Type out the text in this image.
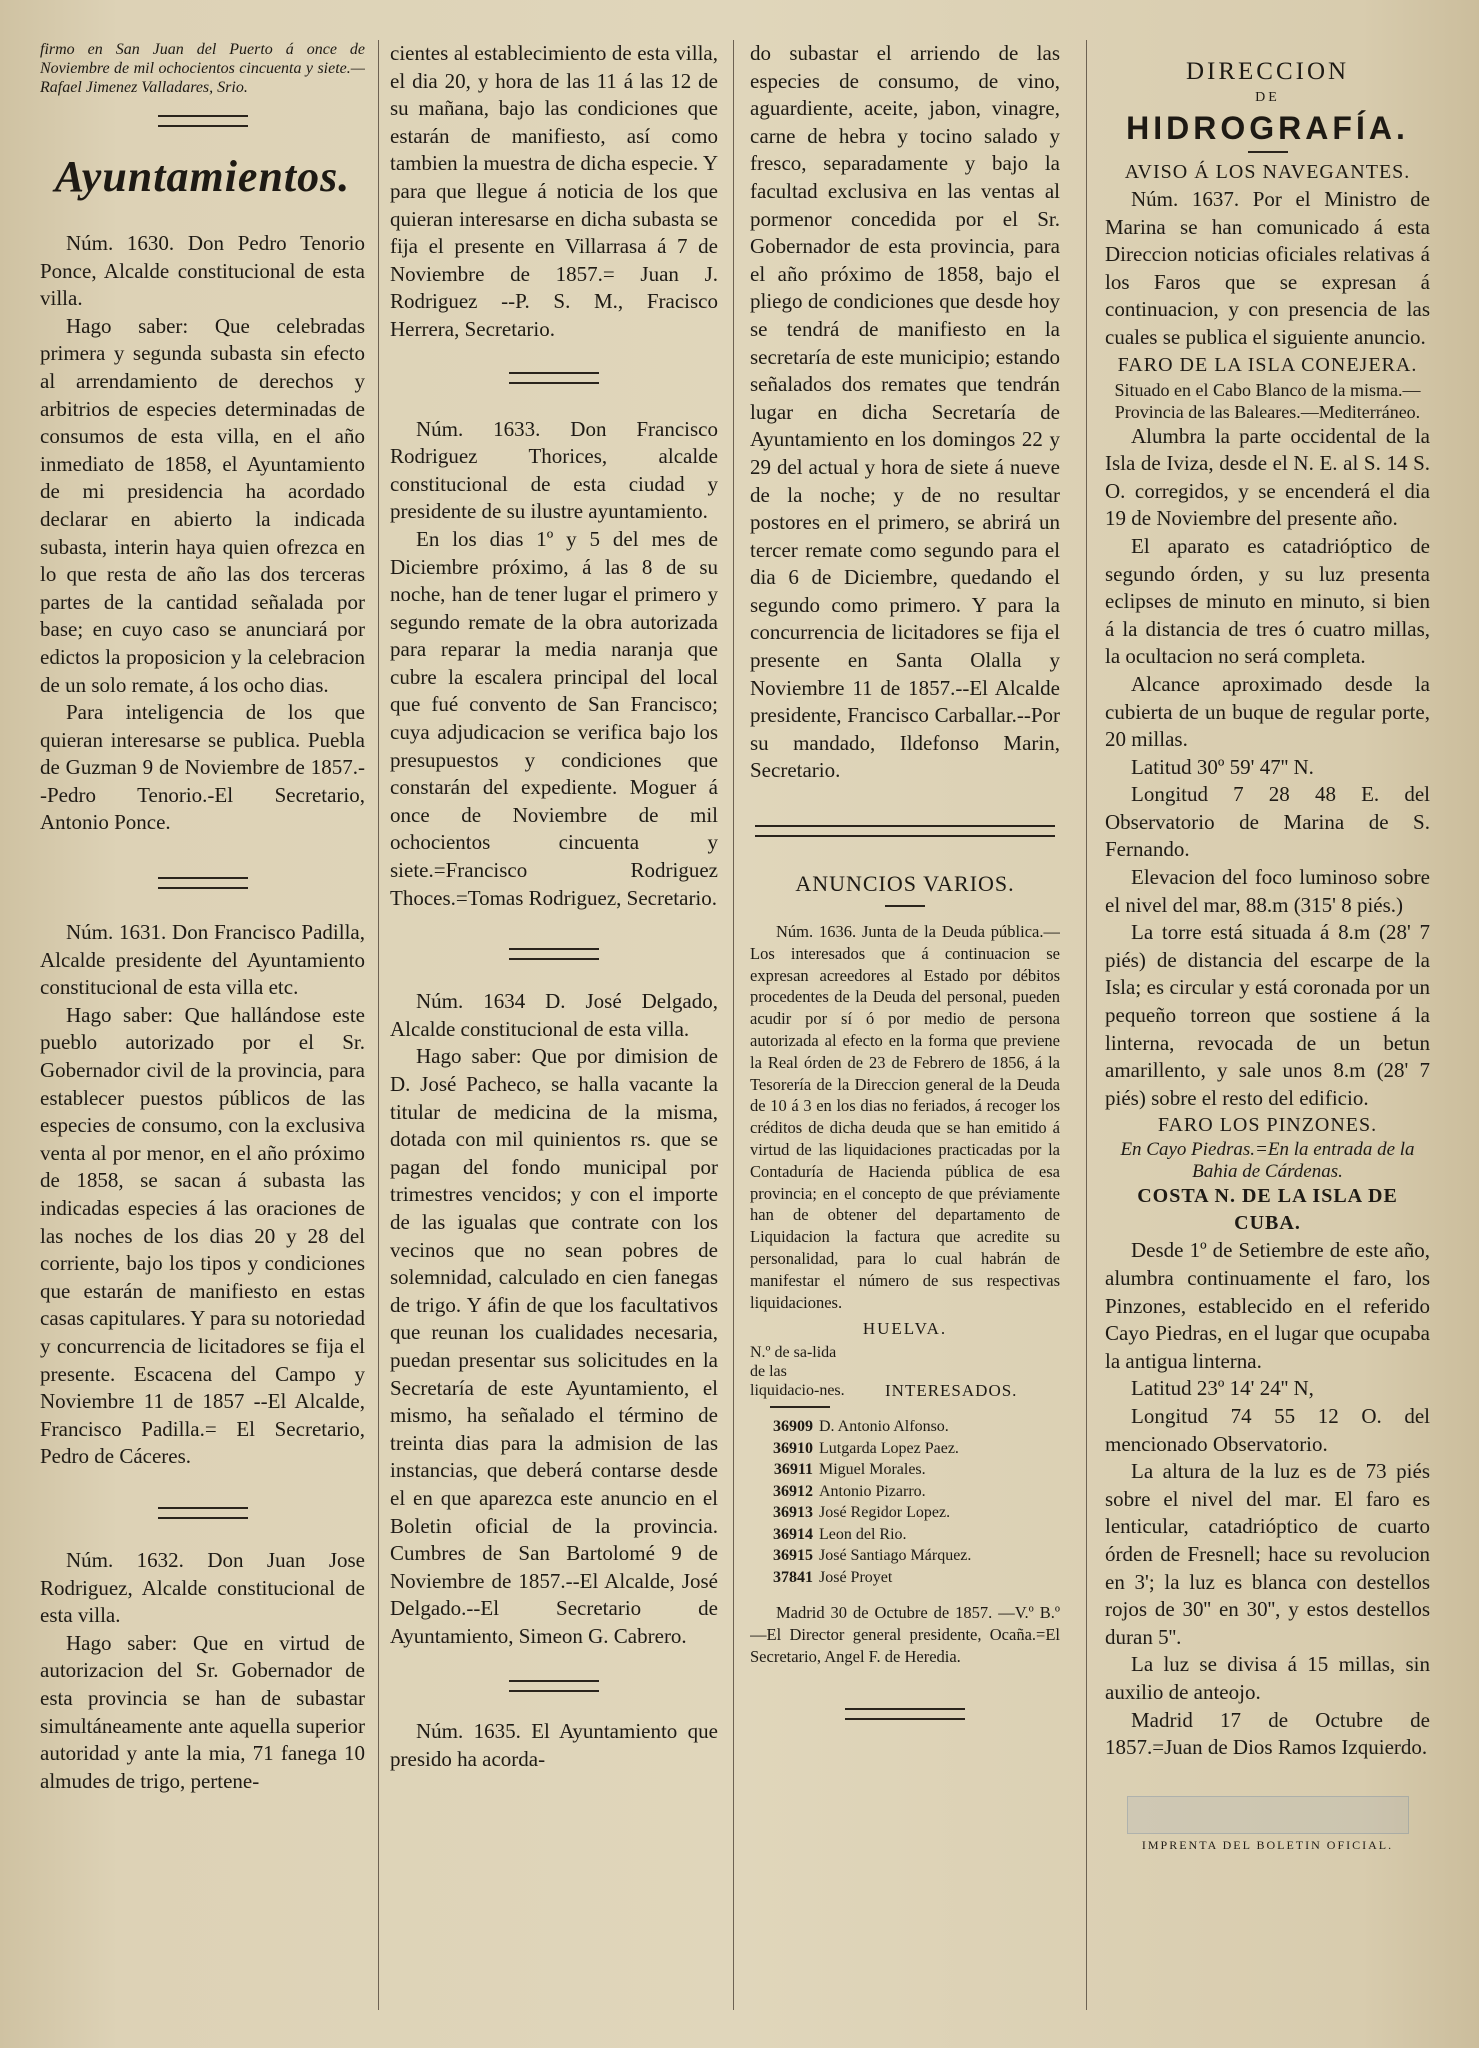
firmo en San Juan del Puerto á once de Noviembre de mil ochocientos cincuenta y siete.—Rafael Jimenez Valladares, Srio.

Ayuntamientos.

Núm. 1630. Don Pedro Tenorio Ponce, Alcalde constitucional de esta villa.

Hago saber: Que celebradas primera y segunda subasta sin efecto al arrendamiento de derechos y arbitrios de especies determinadas de consumos de esta villa, en el año inmediato de 1858, el Ayuntamiento de mi presidencia ha acordado declarar en abierto la indicada subasta, interin haya quien ofrezca en lo que resta de año las dos terceras partes de la cantidad señalada por base; en cuyo caso se anunciará por edictos la proposicion y la celebracion de un solo remate, á los ocho dias.

Para inteligencia de los que quieran interesarse se publica. Puebla de Guzman 9 de Noviembre de 1857.--Pedro Tenorio.-El Secretario, Antonio Ponce.

Núm. 1631. Don Francisco Padilla, Alcalde presidente del Ayuntamiento constitucional de esta villa etc.

Hago saber: Que hallándose este pueblo autorizado por el Sr. Gobernador civil de la provincia, para establecer puestos públicos de las especies de consumo, con la exclusiva venta al por menor, en el año próximo de 1858, se sacan á subasta las indicadas especies á las oraciones de las noches de los dias 20 y 28 del corriente, bajo los tipos y condiciones que estarán de manifiesto en estas casas capitulares. Y para su notoriedad y concurrencia de licitadores se fija el presente. Escacena del Campo y Noviembre 11 de 1857 --El Alcalde, Francisco Padilla.= El Secretario, Pedro de Cáceres.

Núm. 1632. Don Juan Jose Rodriguez, Alcalde constitucional de esta villa.

Hago saber: Que en virtud de autorizacion del Sr. Gobernador de esta provincia se han de subastar simultáneamente ante aquella superior autoridad y ante la mia, 71 fanega 10 almudes de trigo, pertene-

cientes al establecimiento de esta villa, el dia 20, y hora de las 11 á las 12 de su mañana, bajo las condiciones que estarán de manifiesto, así como tambien la muestra de dicha especie. Y para que llegue á noticia de los que quieran interesarse en dicha subasta se fija el presente en Villarrasa á 7 de Noviembre de 1857.= Juan J. Rodriguez --P. S. M., Fracisco Herrera, Secretario.

Núm. 1633. Don Francisco Rodriguez Thorices, alcalde constitucional de esta ciudad y presidente de su ilustre ayuntamiento.

En los dias 1º y 5 del mes de Diciembre próximo, á las 8 de su noche, han de tener lugar el primero y segundo remate de la obra autorizada para reparar la media naranja que cubre la escalera principal del local que fué convento de San Francisco; cuya adjudicacion se verifica bajo los presupuestos y condiciones que constarán del expediente. Moguer á once de Noviembre de mil ochocientos cincuenta y siete.=Francisco Rodriguez Thoces.=Tomas Rodriguez, Secretario.

Núm. 1634 D. José Delgado, Alcalde constitucional de esta villa.

Hago saber: Que por dimision de D. José Pacheco, se halla vacante la titular de medicina de la misma, dotada con mil quinientos rs. que se pagan del fondo municipal por trimestres vencidos; y con el importe de las igualas que contrate con los vecinos que no sean pobres de solemnidad, calculado en cien fanegas de trigo. Y áfin de que los facultativos que reunan los cualidades necesaria, puedan presentar sus solicitudes en la Secretaría de este Ayuntamiento, el mismo, ha señalado el término de treinta dias para la admision de las instancias, que deberá contarse desde el en que aparezca este anuncio en el Boletin oficial de la provincia. Cumbres de San Bartolomé 9 de Noviembre de 1857.--El Alcalde, José Delgado.--El Secretario de Ayuntamiento, Simeon G. Cabrero.

Núm. 1635. El Ayuntamiento que presido ha acorda-

do subastar el arriendo de las especies de consumo, de vino, aguardiente, aceite, jabon, vinagre, carne de hebra y tocino salado y fresco, separadamente y bajo la facultad exclusiva en las ventas al pormenor concedida por el Sr. Gobernador de esta provincia, para el año próximo de 1858, bajo el pliego de condiciones que desde hoy se tendrá de manifiesto en la secretaría de este municipio; estando señalados dos remates que tendrán lugar en dicha Secretaría de Ayuntamiento en los domingos 22 y 29 del actual y hora de siete á nueve de la noche; y de no resultar postores en el primero, se abrirá un tercer remate como segundo para el dia 6 de Diciembre, quedando el segundo como primero. Y para la concurrencia de licitadores se fija el presente en Santa Olalla y Noviembre 11 de 1857.--El Alcalde presidente, Francisco Carballar.--Por su mandado, Ildefonso Marin, Secretario.

ANUNCIOS VARIOS.

Núm. 1636. Junta de la Deuda pública.—Los interesados que á continuacion se expresan acreedores al Estado por débitos procedentes de la Deuda del personal, pueden acudir por sí ó por medio de persona autorizada al efecto en la forma que previene la Real órden de 23 de Febrero de 1856, á la Tesorería de la Direccion general de la Deuda de 10 á 3 en los dias no feriados, á recoger los créditos de dicha deuda que se han emitido á virtud de las liquidaciones practicadas por la Contaduría de Hacienda pública de esa provincia; en el concepto de que préviamente han de obtener del departamento de Liquidacion la factura que acredite su personalidad, para lo cual habrán de manifestar el número de sus respectivas liquidaciones.

HUELVA.
N.º de sa-lida de las liquidacio-nes. INTERESADOS.
36909	D. Antonio Alfonso.
36910	Lutgarda Lopez Paez.
36911	Miguel Morales.
36912	Antonio Pizarro.
36913	José Regidor Lopez.
36914	Leon del Rio.
36915	José Santiago Márquez.
37841	José Proyet

Madrid 30 de Octubre de 1857. —V.º B.º—El Director general presidente, Ocaña.=El Secretario, Angel F. de Heredia.

DIRECCION
DE
HIDROGRAFÍA.
AVISO Á LOS NAVEGANTES.

Núm. 1637. Por el Ministro de Marina se han comunicado á esta Direccion noticias oficiales relativas á los Faros que se expresan á continuacion, y con presencia de las cuales se publica el siguiente anuncio.

FARO DE LA ISLA CONEJERA.
Situado en el Cabo Blanco de la misma.—Provincia de las Baleares.—Mediterráneo.

Alumbra la parte occidental de la Isla de Iviza, desde el N. E. al S. 14 S. O. corregidos, y se encenderá el dia 19 de Noviembre del presente año.

El aparato es catadrióptico de segundo órden, y su luz presenta eclipses de minuto en minuto, si bien á la distancia de tres ó cuatro millas, la ocultacion no será completa.

Alcance aproximado desde la cubierta de un buque de regular porte, 20 millas.

Latitud 30º 59' 47'' N.

Longitud 7 28 48 E. del Observatorio de Marina de S. Fernando.

Elevacion del foco luminoso sobre el nivel del mar, 88.m (315' 8 piés.)

La torre está situada á 8.m (28' 7 piés) de distancia del escarpe de la Isla; es circular y está coronada por un pequeño torreon que sostiene á la linterna, revocada de un betun amarillento, y sale unos 8.m (28' 7 piés) sobre el resto del edificio.

FARO LOS PINZONES.
En Cayo Piedras.=En la entrada de la Bahia de Cárdenas.
COSTA N. DE LA ISLA DE CUBA.

Desde 1º de Setiembre de este año, alumbra continuamente el faro, los Pinzones, establecido en el referido Cayo Piedras, en el lugar que ocupaba la antigua linterna.

Latitud 23º 14' 24'' N,

Longitud 74 55 12 O. del mencionado Observatorio.

La altura de la luz es de 73 piés sobre el nivel del mar. El faro es lenticular, catadrióptico de cuarto órden de Fresnell; hace su revolucion en 3'; la luz es blanca con destellos rojos de 30'' en 30'', y estos destellos duran 5''.

La luz se divisa á 15 millas, sin auxilio de anteojo.

Madrid 17 de Octubre de 1857.=Juan de Dios Ramos Izquierdo.

IMPRENTA DEL BOLETIN OFICIAL.
